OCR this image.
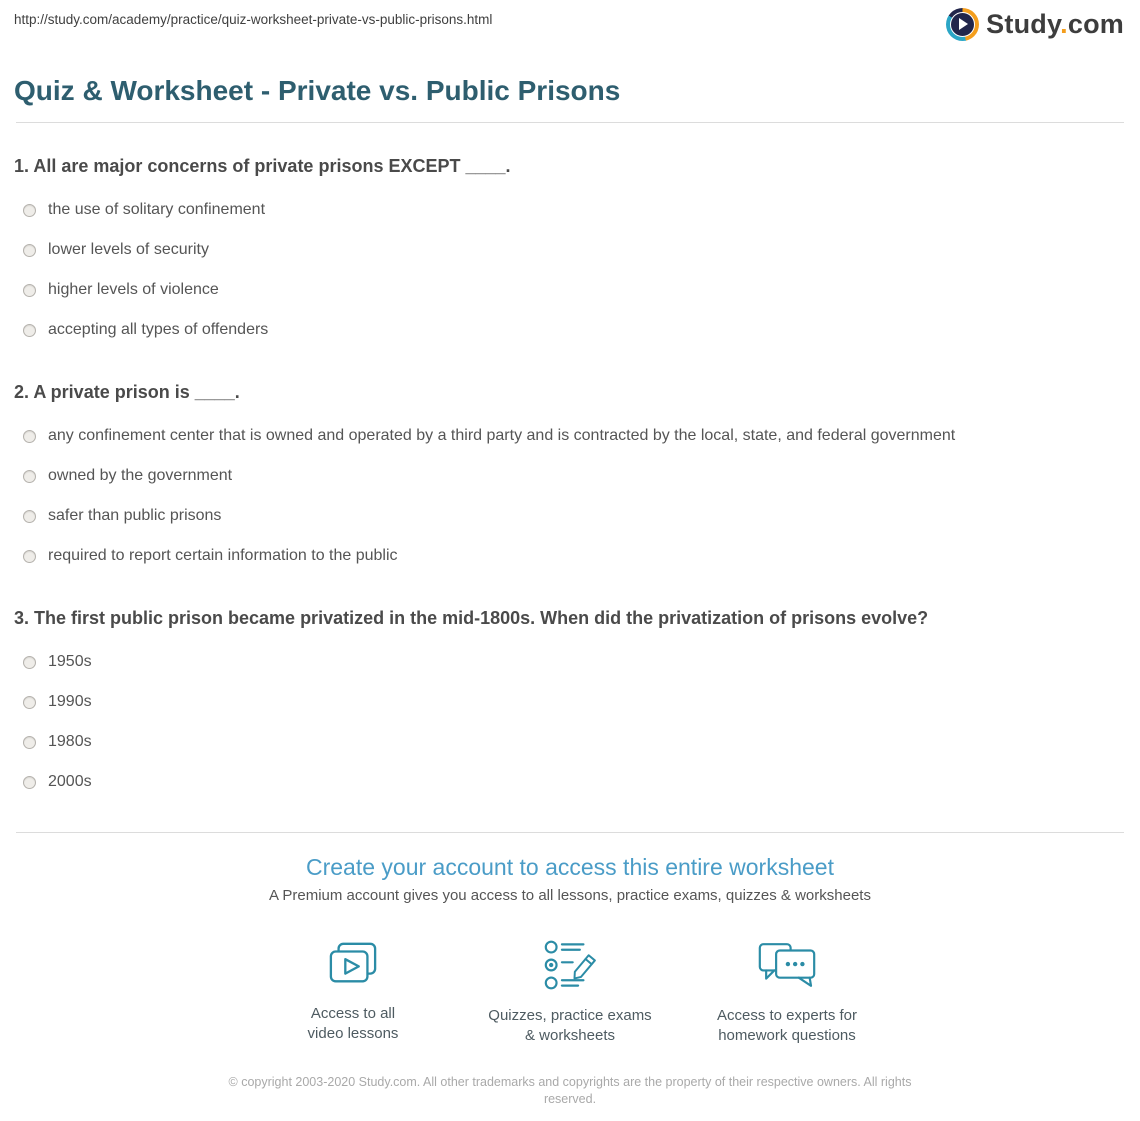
http://study.com/academy/practice/quiz-worksheet-private-vs-public-prisons.html	Study.com
Quiz & Worksheet - Private vs. Public Prisons
1. All are major concerns of private prisons EXCEPT ____.
the use of solitary confinement
lower levels of security
higher levels of violence
accepting all types of offenders
2. A private prison is ____.
any confinement center that is owned and operated by a third party and is contracted by the local, state, and federal government
owned by the government
safer than public prisons
required to report certain information to the public
3. The first public prison became privatized in the mid-1800s. When did the privatization of prisons evolve?
1950s
1990s
1980s
2000s
Create your account to access this entire worksheet
A Premium account gives you access to all lessons, practice exams, quizzes & worksheets
Access to all
video lessons
Quizzes, practice exams
& worksheets
Access to experts for
homework questions
© copyright 2003-2020 Study.com. All other trademarks and copyrights are the property of their respective owners. All rights reserved.
